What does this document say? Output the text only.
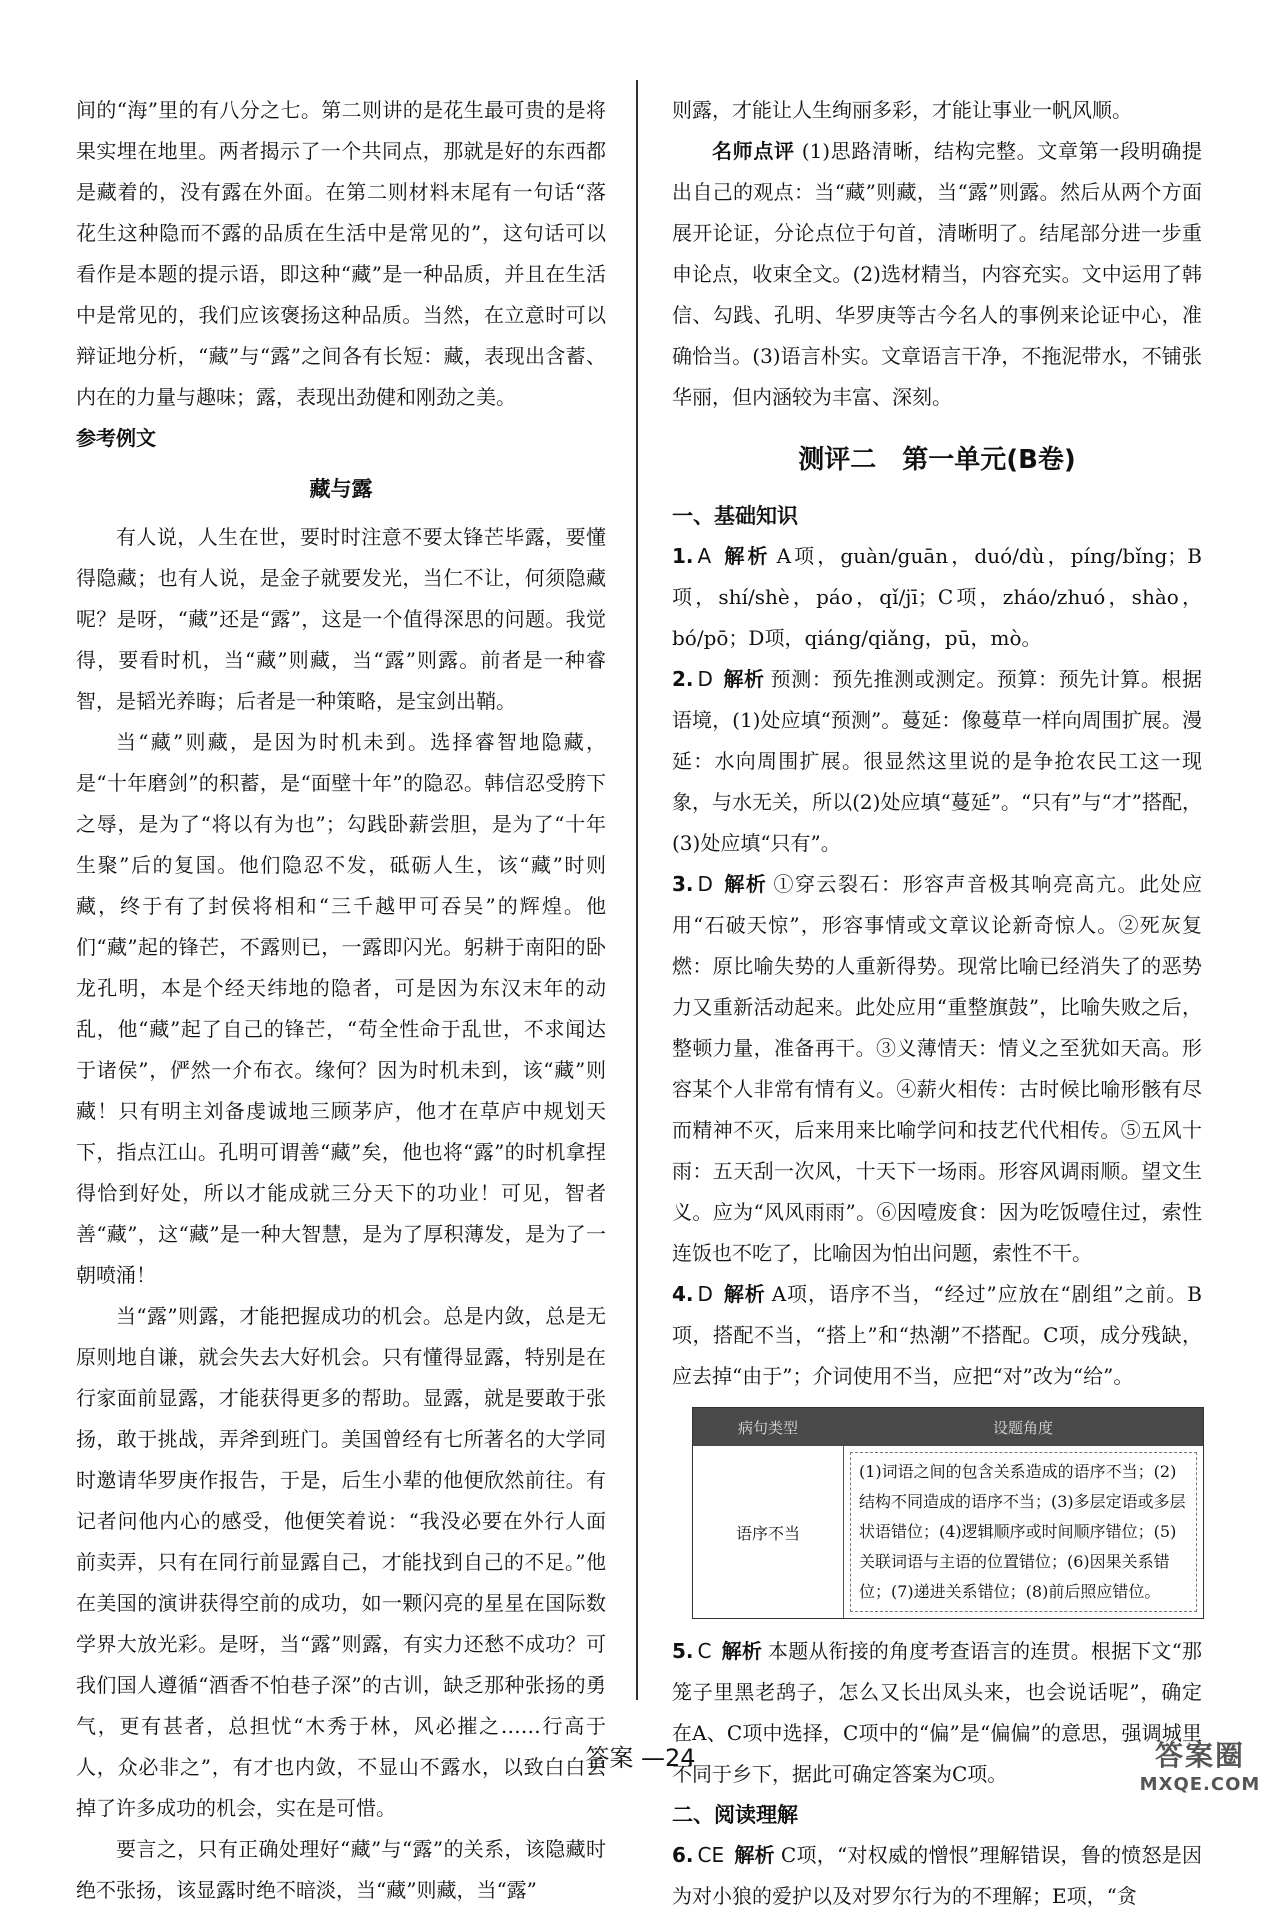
间的“海”里的有八分之七。第二则讲的是花生最可贵的是将果实埋在地里。两者揭示了一个共同点，那就是好的东西都是藏着的，没有露在外面。在第二则材料末尾有一句话“落花生这种隐而不露的品质在生活中是常见的”，这句话可以看作是本题的提示语，即这种“藏”是一种品质，并且在生活中是常见的，我们应该褒扬这种品质。当然，在立意时可以辩证地分析，“藏”与“露”之间各有长短：藏，表现出含蓄、内在的力量与趣味；露，表现出劲健和刚劲之美。

参考例文
藏与露

有人说，人生在世，要时时注意不要太锋芒毕露，要懂得隐藏；也有人说，是金子就要发光，当仁不让，何须隐藏呢？是呀，“藏”还是“露”，这是一个值得深思的问题。我觉得，要看时机，当“藏”则藏，当“露”则露。前者是一种睿智，是韬光养晦；后者是一种策略，是宝剑出鞘。

当“藏”则藏，是因为时机未到。选择睿智地隐藏，是“十年磨剑”的积蓄，是“面壁十年”的隐忍。韩信忍受胯下之辱，是为了“将以有为也”；勾践卧薪尝胆，是为了“十年生聚”后的复国。他们隐忍不发，砥砺人生，该“藏”时则藏，终于有了封侯将相和“三千越甲可吞吴”的辉煌。他们“藏”起的锋芒，不露则已，一露即闪光。躬耕于南阳的卧龙孔明，本是个经天纬地的隐者，可是因为东汉末年的动乱，他“藏”起了自己的锋芒，“苟全性命于乱世，不求闻达于诸侯”，俨然一介布衣。缘何？因为时机未到，该“藏”则藏！只有明主刘备虔诚地三顾茅庐，他才在草庐中规划天下，指点江山。孔明可谓善“藏”矣，他也将“露”的时机拿捏得恰到好处，所以才能成就三分天下的功业！可见，智者善“藏”，这“藏”是一种大智慧，是为了厚积薄发，是为了一朝喷涌！

当“露”则露，才能把握成功的机会。总是内敛，总是无原则地自谦，就会失去大好机会。只有懂得显露，特别是在行家面前显露，才能获得更多的帮助。显露，就是要敢于张扬，敢于挑战，弄斧到班门。美国曾经有七所著名的大学同时邀请华罗庚作报告，于是，后生小辈的他便欣然前往。有记者问他内心的感受，他便笑着说：“我没必要在外行人面前卖弄，只有在同行前显露自己，才能找到自己的不足。”他在美国的演讲获得空前的成功，如一颗闪亮的星星在国际数学界大放光彩。是呀，当“露”则露，有实力还愁不成功？可我们国人遵循“酒香不怕巷子深”的古训，缺乏那种张扬的勇气，更有甚者，总担忧“木秀于林，风必摧之……行高于人，众必非之”，有才也内敛，不显山不露水，以致白白丢掉了许多成功的机会，实在是可惜。

要言之，只有正确处理好“藏”与“露”的关系，该隐藏时绝不张扬，该显露时绝不暗淡，当“藏”则藏，当“露”

则露，才能让人生绚丽多彩，才能让事业一帆风顺。

名师点评 (1)思路清晰，结构完整。文章第一段明确提出自己的观点：当“藏”则藏，当“露”则露。然后从两个方面展开论证，分论点位于句首，清晰明了。结尾部分进一步重申论点，收束全文。(2)选材精当，内容充实。文中运用了韩信、勾践、孔明、华罗庚等古今名人的事例来论证中心，准确恰当。(3)语言朴实。文章语言干净，不拖泥带水，不铺张华丽，但内涵较为丰富、深刻。

测评二　第一单元(B卷)
一、基础知识

1. A 解析 A项，guàn/guān，duó/dù，píng/bǐng；B项，shí/shè，páo，qǐ/jī；C项，zháo/zhuó，shào，bó/pō；D项，qiáng/qiǎng，pū，mò。

2. D 解析 预测：预先推测或测定。预算：预先计算。根据语境，(1)处应填“预测”。蔓延：像蔓草一样向周围扩展。漫延：水向周围扩展。很显然这里说的是争抢农民工这一现象，与水无关，所以(2)处应填“蔓延”。“只有”与“才”搭配，(3)处应填“只有”。

3. D 解析 ①穿云裂石：形容声音极其响亮高亢。此处应用“石破天惊”，形容事情或文章议论新奇惊人。②死灰复燃：原比喻失势的人重新得势。现常比喻已经消失了的恶势力又重新活动起来。此处应用“重整旗鼓”，比喻失败之后，整顿力量，准备再干。③义薄情天：情义之至犹如天高。形容某个人非常有情有义。④薪火相传：古时候比喻形骸有尽而精神不灭，后来用来比喻学问和技艺代代相传。⑤五风十雨：五天刮一次风，十天下一场雨。形容风调雨顺。望文生义。应为“风风雨雨”。⑥因噎废食：因为吃饭噎住过，索性连饭也不吃了，比喻因为怕出问题，索性不干。

4. D 解析 A项，语序不当，“经过”应放在“剧组”之前。B项，搭配不当，“搭上”和“热潮”不搭配。C项，成分残缺，应去掉“由于”；介词使用不当，应把“对”改为“给”。

病句类型	设题角度
语序不当
(1)词语之间的包含关系造成的语序不当；(2)结构不同造成的语序不当；(3)多层定语或多层状语错位；(4)逻辑顺序或时间顺序错位；(5)关联词语与主语的位置错位；(6)因果关系错位；(7)递进关系错位；(8)前后照应错位。

5. C 解析 本题从衔接的角度考查语言的连贯。根据下文“那笼子里黑老鸹子，怎么又长出凤头来，也会说话呢”，确定在A、C项中选择，C项中的“偏”是“偏偏”的意思，强调城里不同于乡下，据此可确定答案为C项。

二、阅读理解

6. CE 解析 C项，“对权威的憎恨”理解错误，鲁的愤怒是因为对小狼的爱护以及对罗尔行为的不理解；E项，“贪

答案 —24	答案圈
MXQE.COM
